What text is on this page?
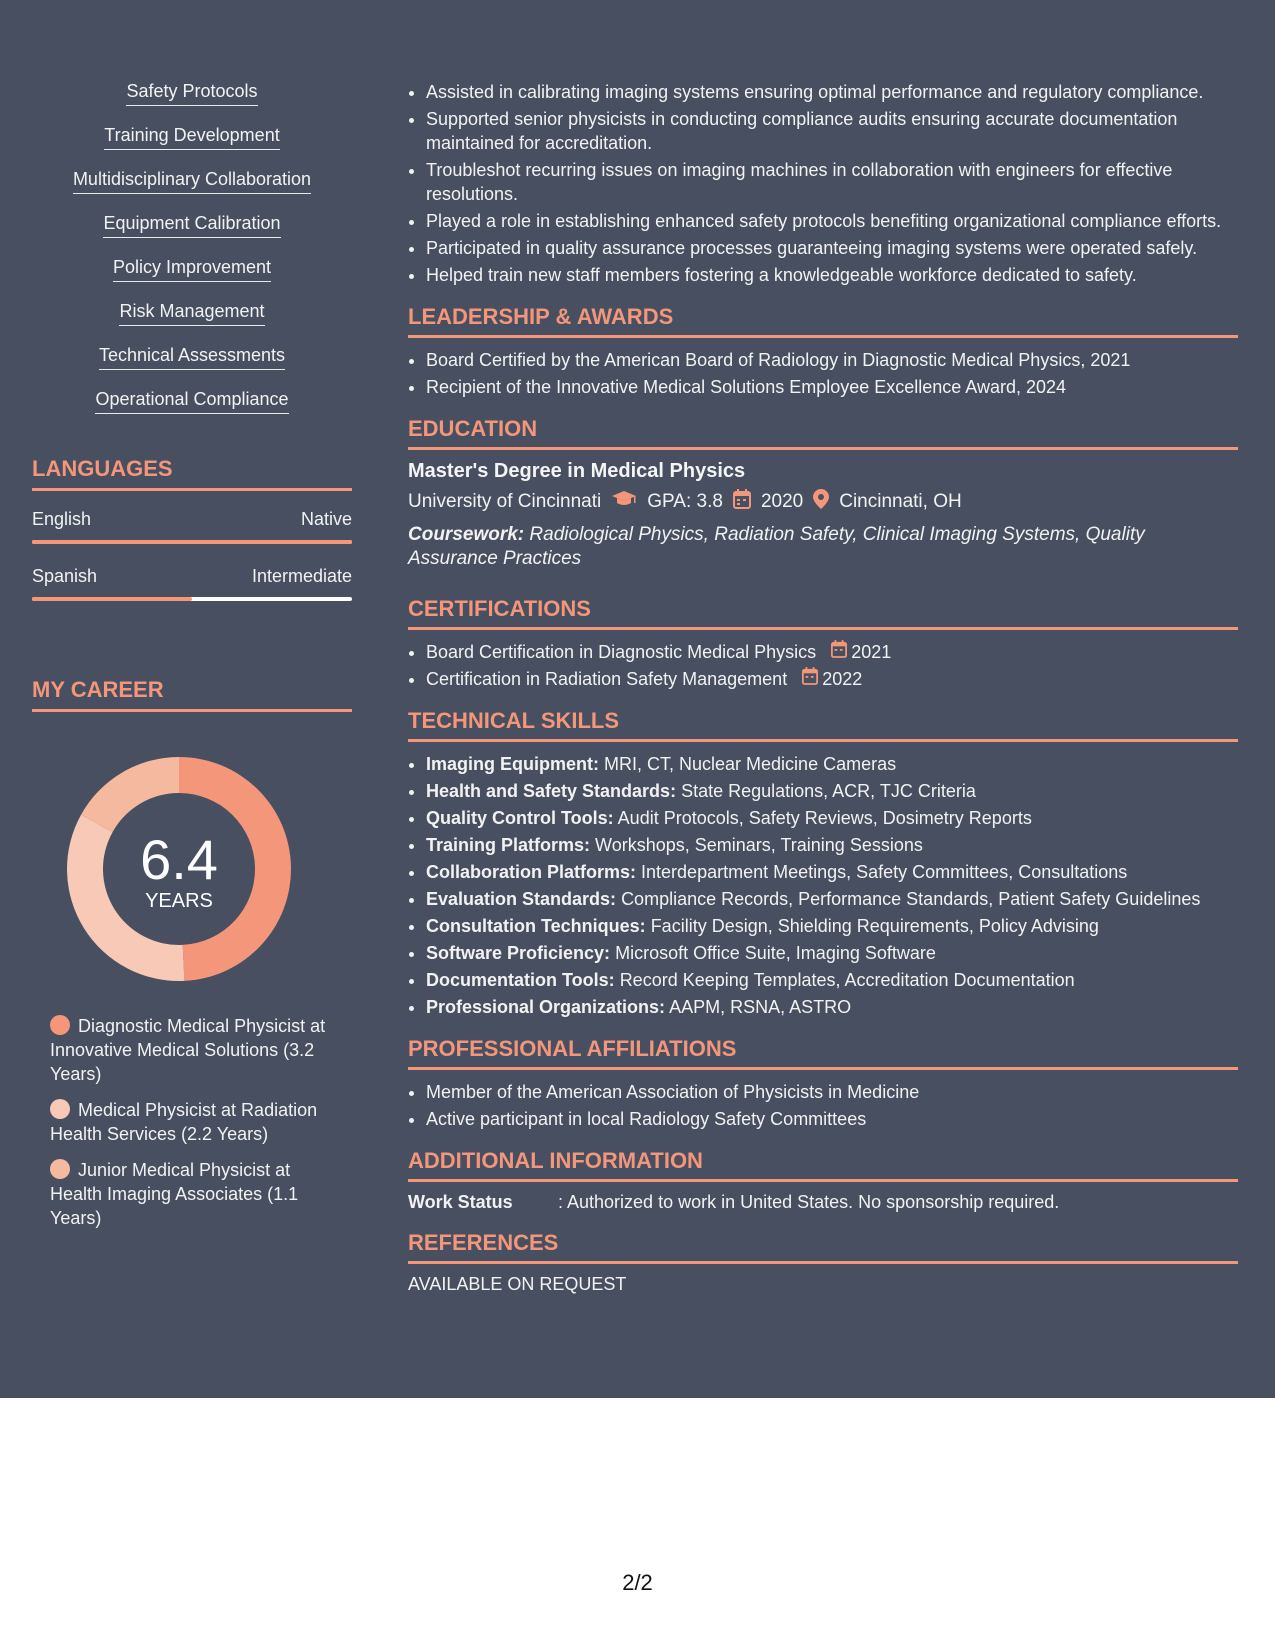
Safety Protocols
Training Development
Multidisciplinary Collaboration
Equipment Calibration
Policy Improvement
Risk Management
Technical Assessments
Operational Compliance
LANGUAGES
English	Native
Spanish	Intermediate
MY CAREER
6.4
YEARS
Diagnostic Medical Physicist at Innovative Medical Solutions (3.2 Years)
Medical Physicist at Radiation Health Services (2.2 Years)
Junior Medical Physicist at Health Imaging Associates (1.1 Years)
• Assisted in calibrating imaging systems ensuring optimal performance and regulatory compliance.
• Supported senior physicists in conducting compliance audits ensuring accurate documentation maintained for accreditation.
• Troubleshot recurring issues on imaging machines in collaboration with engineers for effective resolutions.
• Played a role in establishing enhanced safety protocols benefiting organizational compliance efforts.
• Participated in quality assurance processes guaranteeing imaging systems were operated safely.
• Helped train new staff members fostering a knowledgeable workforce dedicated to safety.
LEADERSHIP & AWARDS
• Board Certified by the American Board of Radiology in Diagnostic Medical Physics, 2021
• Recipient of the Innovative Medical Solutions Employee Excellence Award, 2024
EDUCATION
Master's Degree in Medical Physics
University of Cincinnati GPA: 3.8 2020 Cincinnati, OH
Coursework: Radiological Physics, Radiation Safety, Clinical Imaging Systems, Quality Assurance Practices
CERTIFICATIONS
• Board Certification in Diagnostic Medical Physics 2021
• Certification in Radiation Safety Management 2022
TECHNICAL SKILLS
• Imaging Equipment: MRI, CT, Nuclear Medicine Cameras
• Health and Safety Standards: State Regulations, ACR, TJC Criteria
• Quality Control Tools: Audit Protocols, Safety Reviews, Dosimetry Reports
• Training Platforms: Workshops, Seminars, Training Sessions
• Collaboration Platforms: Interdepartment Meetings, Safety Committees, Consultations
• Evaluation Standards: Compliance Records, Performance Standards, Patient Safety Guidelines
• Consultation Techniques: Facility Design, Shielding Requirements, Policy Advising
• Software Proficiency: Microsoft Office Suite, Imaging Software
• Documentation Tools: Record Keeping Templates, Accreditation Documentation
• Professional Organizations: AAPM, RSNA, ASTRO
PROFESSIONAL AFFILIATIONS
• Member of the American Association of Physicists in Medicine
• Active participant in local Radiology Safety Committees
ADDITIONAL INFORMATION
Work Status	: Authorized to work in United States. No sponsorship required.
REFERENCES
AVAILABLE ON REQUEST
2/2
